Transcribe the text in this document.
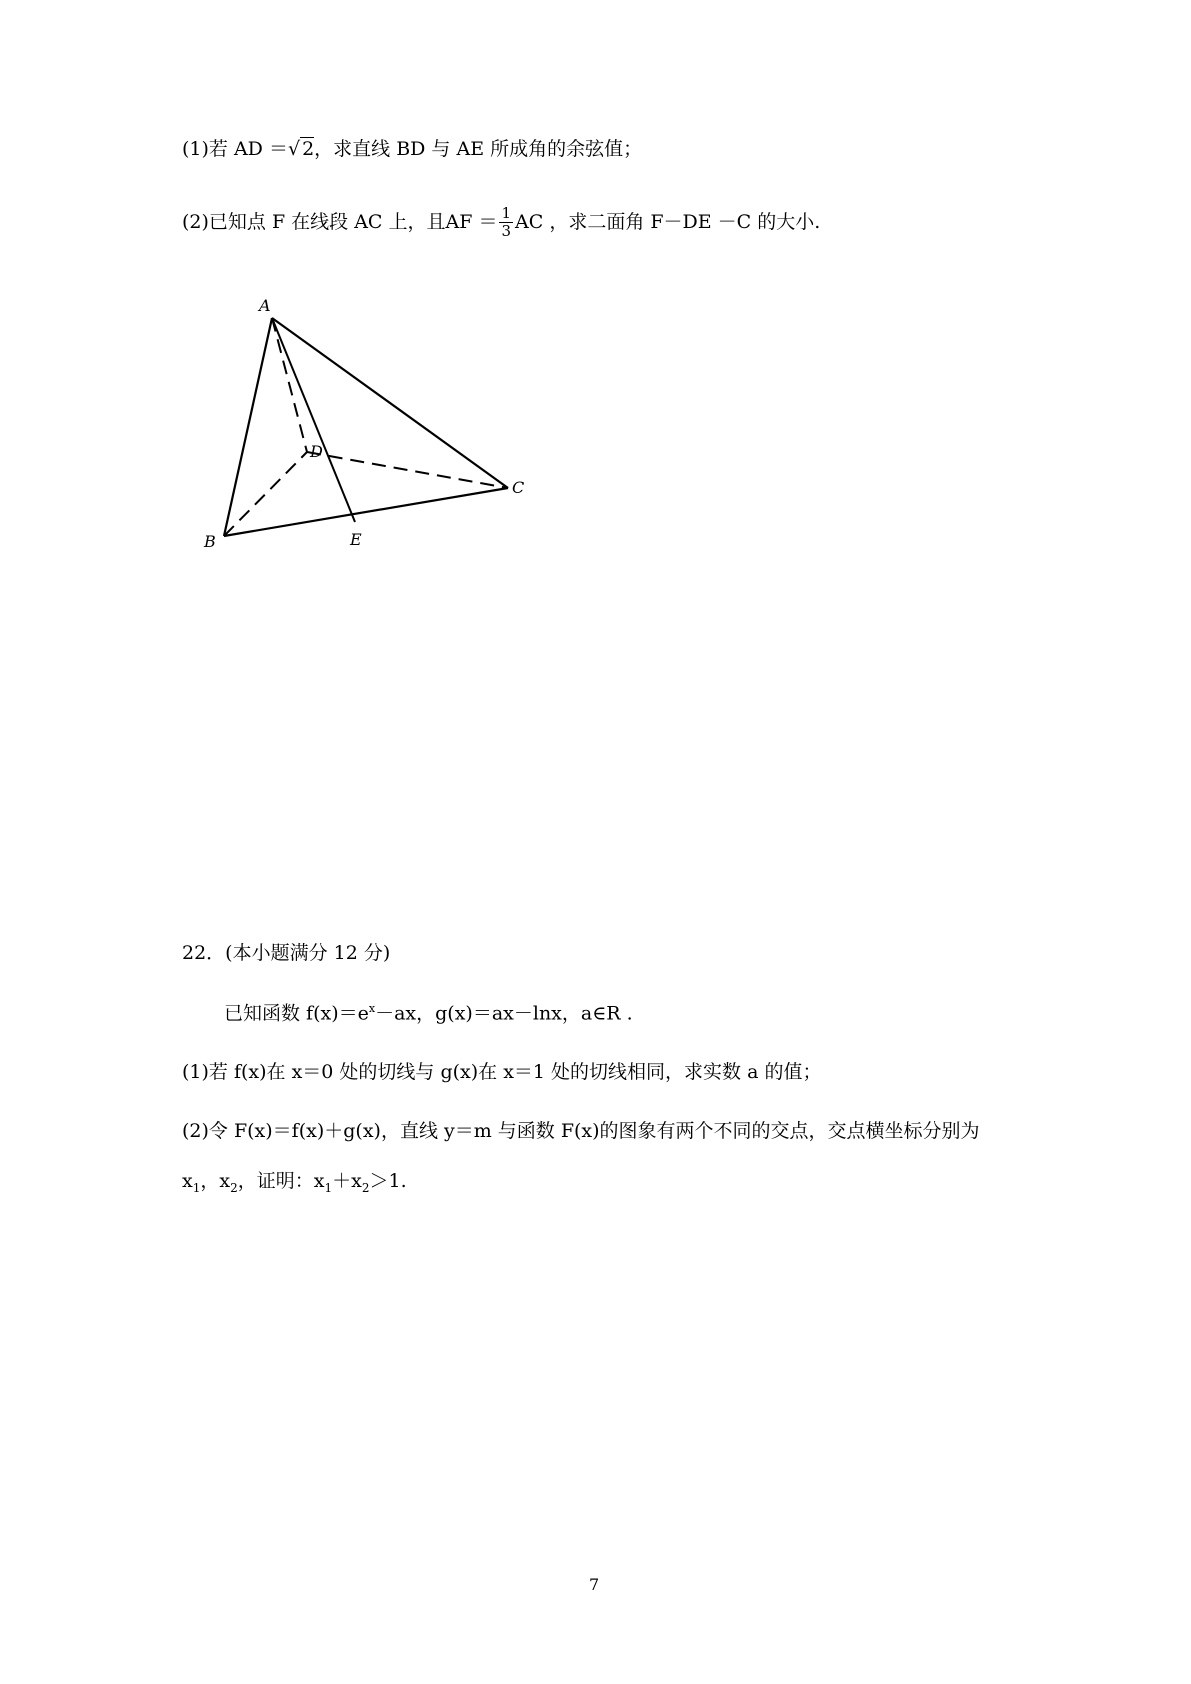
(1)若 AD ＝√ 2，求直线 BD 与 AE 所成角的余弦值；
(2)已知点 F 在线段 AC 上，且AF ＝ $\frac{1}{3}$ AC ，求二面角 F－DE －C 的大小.
A
B
C
D
E
22．(本小题满分 12 分)
已知函数 $f(x)=e^x-ax$，g(x)＝ax－lnx，a∈R .
(1)若 f(x)在 x＝0 处的切线与 g(x)在 x＝1 处的切线相同，求实数 a 的值；
(2)令 F(x)＝f(x)＋g(x)，直线 y＝m 与函数 F(x)的图象有两个不同的交点，交点横坐标分别为
$x_1$，$x_2$，证明：$x_1+x_2>1$.
7
